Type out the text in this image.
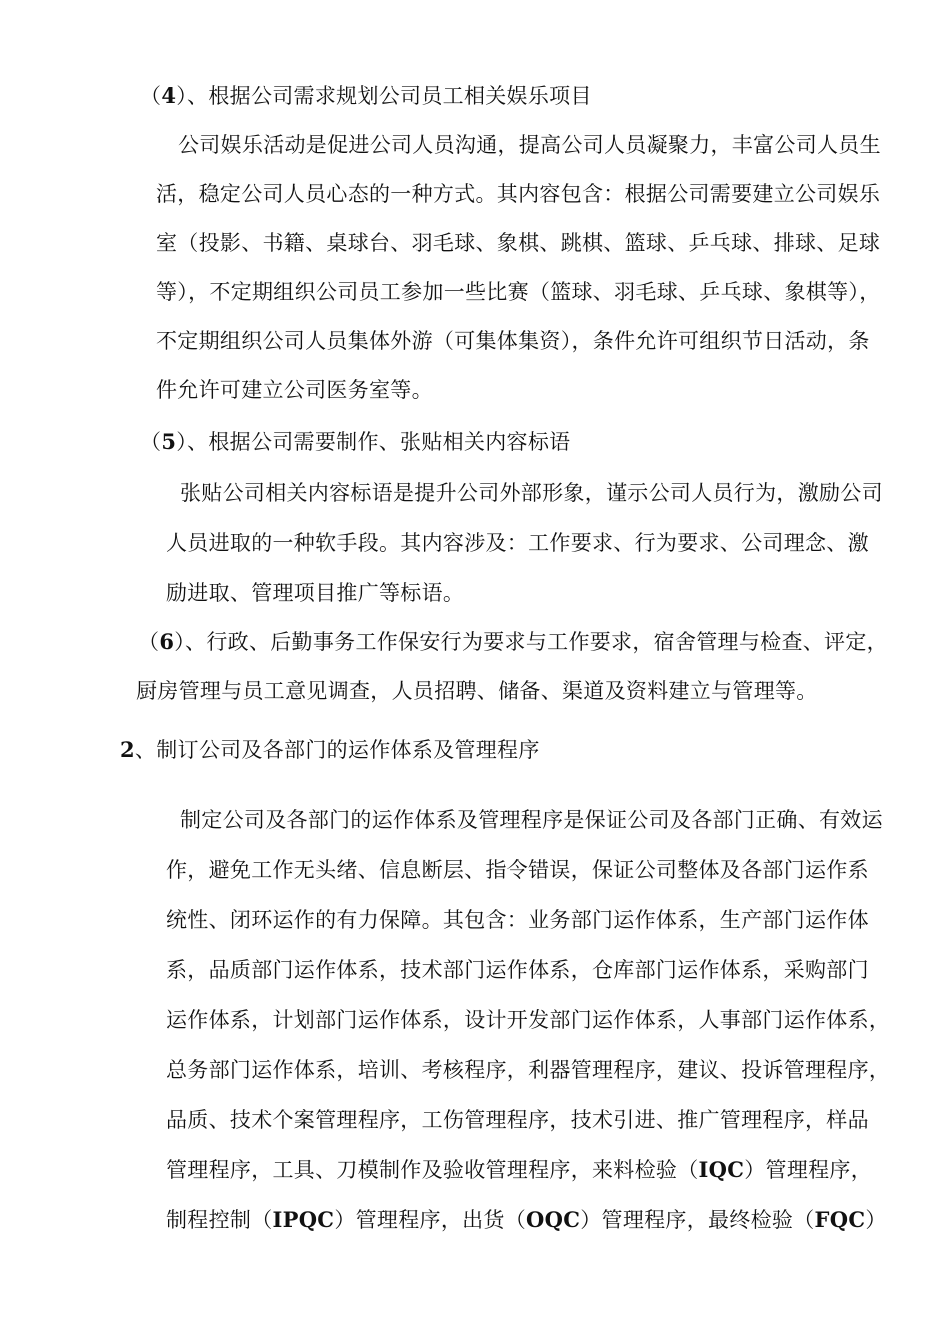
（4）、根据公司需求规划公司员工相关娱乐项目
公司娱乐活动是促进公司人员沟通，提高公司人员凝聚力，丰富公司人员生
活，稳定公司人员心态的一种方式。其内容包含：根据公司需要建立公司娱乐
室（投影、书籍、桌球台、羽毛球、象棋、跳棋、篮球、乒乓球、排球、足球
等），不定期组织公司员工参加一些比赛（篮球、羽毛球、乒乓球、象棋等），
不定期组织公司人员集体外游（可集体集资），条件允许可组织节日活动，条
件允许可建立公司医务室等。
（5）、根据公司需要制作、张贴相关内容标语
张贴公司相关内容标语是提升公司外部形象，谨示公司人员行为，激励公司
人员进取的一种软手段。其内容涉及：工作要求、行为要求、公司理念、激
励进取、管理项目推广等标语。
（6）、行政、后勤事务工作保安行为要求与工作要求，宿舍管理与检查、评定，
厨房管理与员工意见调查，人员招聘、储备、渠道及资料建立与管理等。
2、制订公司及各部门的运作体系及管理程序
制定公司及各部门的运作体系及管理程序是保证公司及各部门正确、有效运
作，避免工作无头绪、信息断层、指令错误，保证公司整体及各部门运作系
统性、闭环运作的有力保障。其包含：业务部门运作体系，生产部门运作体
系，品质部门运作体系，技术部门运作体系，仓库部门运作体系，采购部门
运作体系，计划部门运作体系，设计开发部门运作体系，人事部门运作体系，
总务部门运作体系，培训、考核程序，利器管理程序，建议、投诉管理程序，
品质、技术个案管理程序，工伤管理程序，技术引进、推广管理程序，样品
管理程序，工具、刀模制作及验收管理程序，来料检验（IQC）管理程序，
制程控制（IPQC）管理程序，出货（OQC）管理程序，最终检验（FQC）
